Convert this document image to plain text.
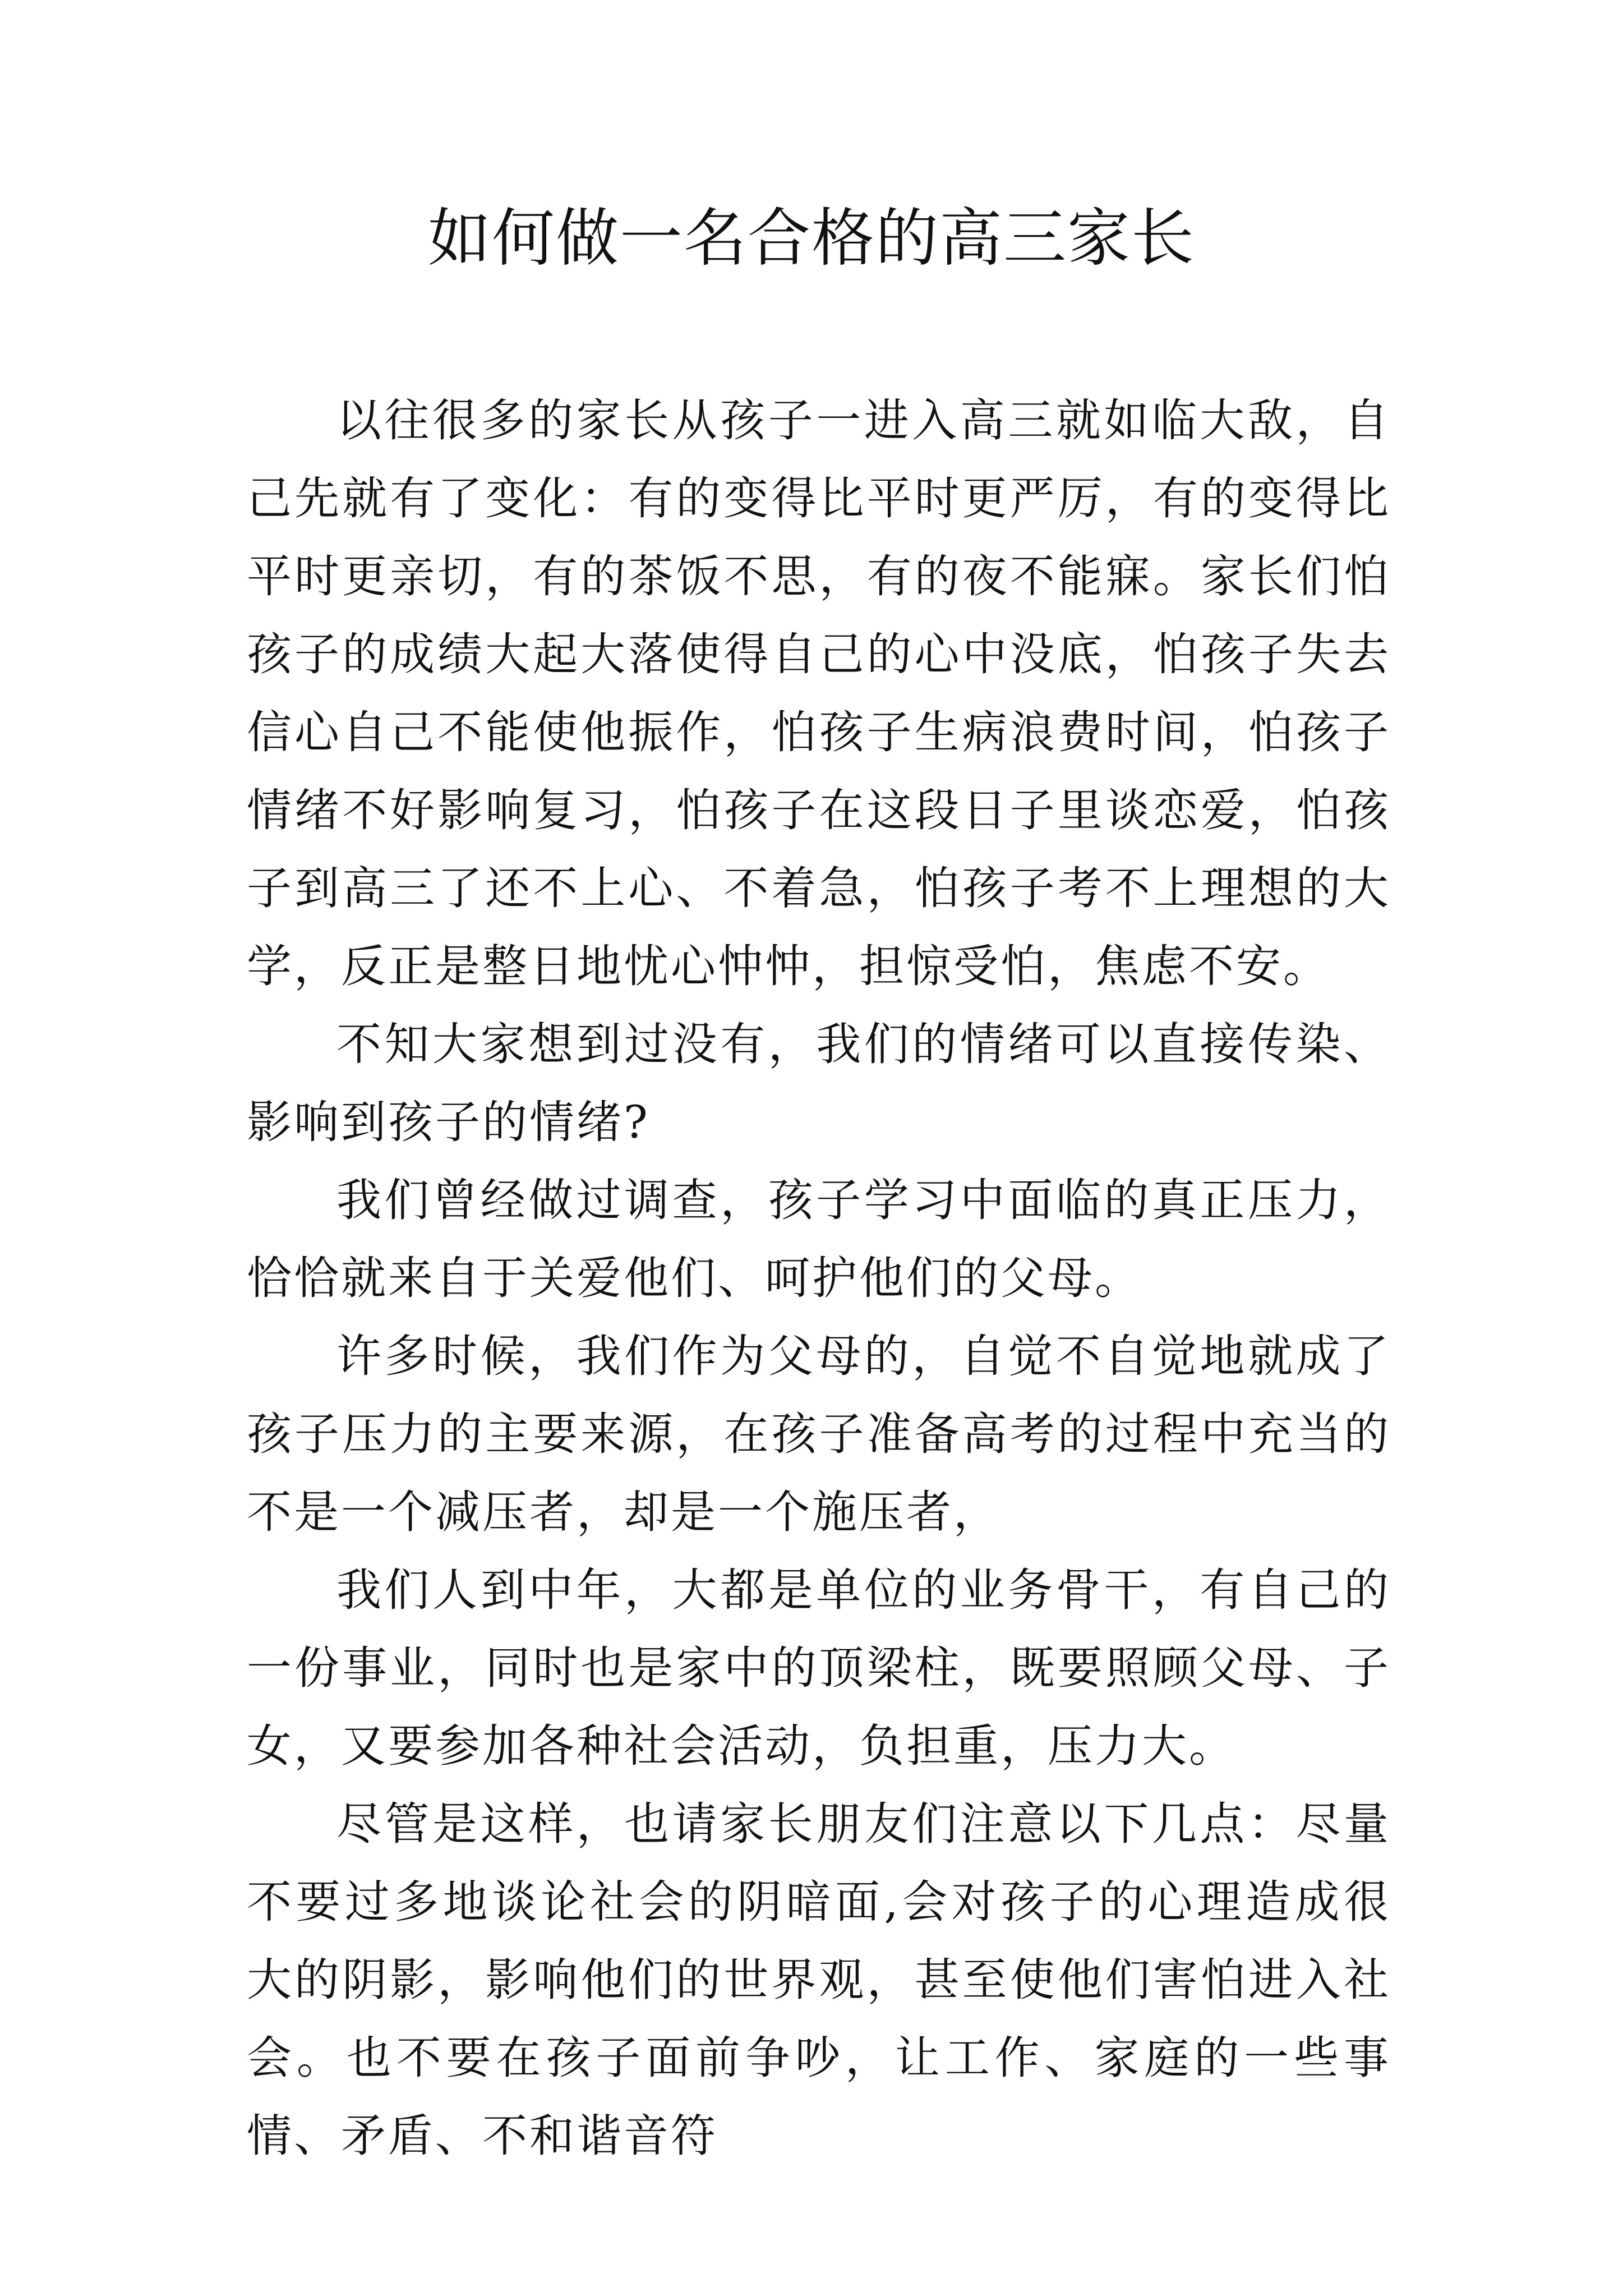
如何做一名合格的高三家长

以往很多的家长从孩子一进入高三就如临大敌，自己先就有了变化：有的变得比平时更严厉，有的变得比平时更亲切，有的茶饭不思，有的夜不能寐。家长们怕孩子的成绩大起大落使得自己的心中没底，怕孩子失去信心自己不能使他振作，怕孩子生病浪费时间，怕孩子情绪不好影响复习，怕孩子在这段日子里谈恋爱，怕孩子到高三了还不上心、不着急，怕孩子考不上理想的大学，反正是整日地忧心忡忡，担惊受怕，焦虑不安。

不知大家想到过没有，我们的情绪可以直接传染、影响到孩子的情绪?

我们曾经做过调查，孩子学习中面临的真正压力，恰恰就来自于关爱他们、呵护他们的父母。

许多时候，我们作为父母的，自觉不自觉地就成了孩子压力的主要来源，在孩子准备高考的过程中充当的不是一个减压者，却是一个施压者，

我们人到中年，大都是单位的业务骨干，有自己的一份事业，同时也是家中的顶梁柱，既要照顾父母、子女，又要参加各种社会活动，负担重，压力大。

尽管是这样，也请家长朋友们注意以下几点：尽量不要过多地谈论社会的阴暗面,会对孩子的心理造成很大的阴影，影响他们的世界观，甚至使他们害怕进入社会。也不要在孩子面前争吵，让工作、家庭的一些事情、矛盾、不和谐音符
